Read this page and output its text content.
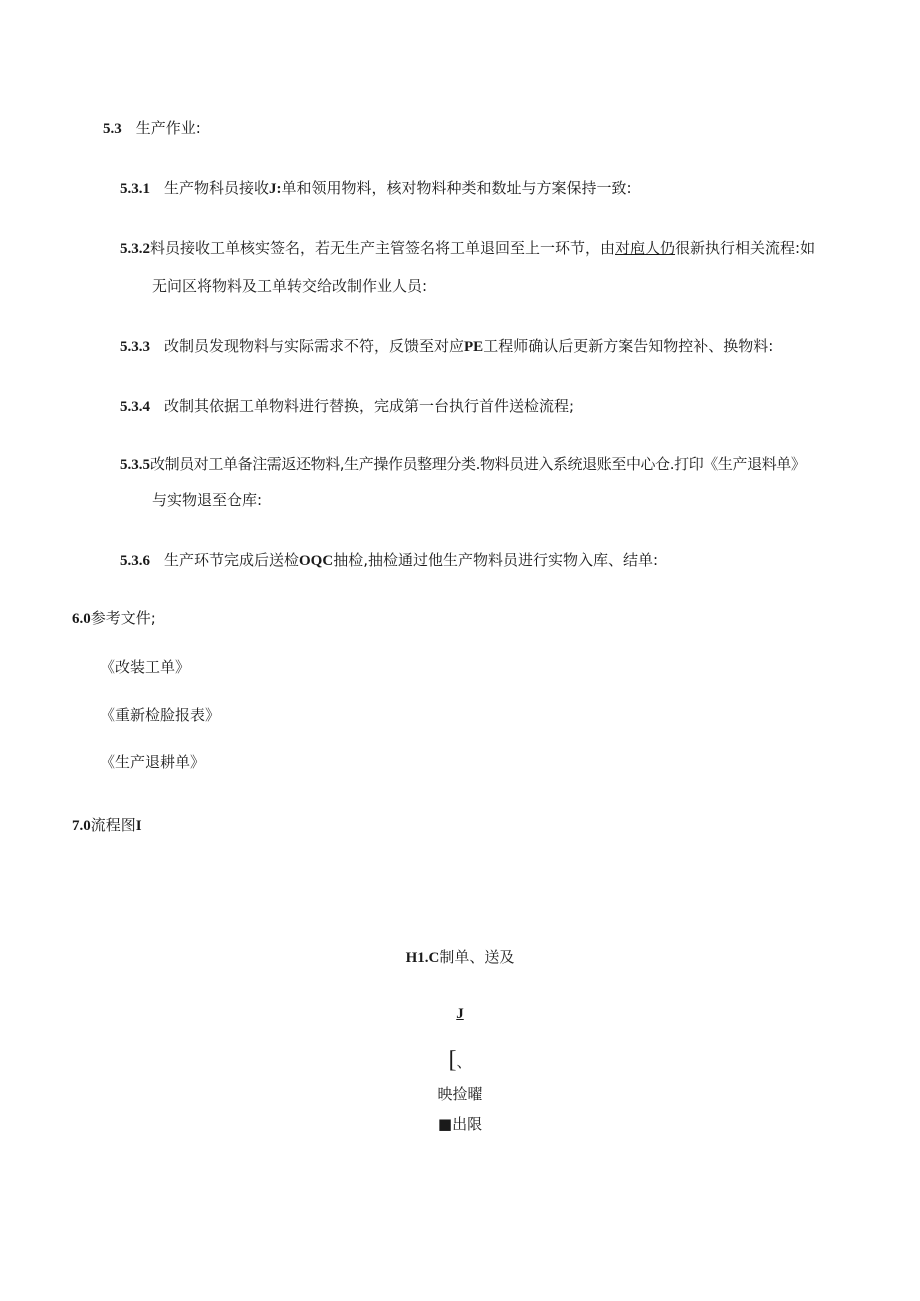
5.3 生产作业:
5.3.1 生产物科员接收J:单和领用物料，核对物料种类和数址与方案保持一致:
5.3.2料员接收工单核实签名，若无生产主管签名将工单退回至上一环节，由对庖人仍很新执行相关流程:如
无问区将物料及工单转交给改制作业人员:
5.3.3 改制员发现物料与实际需求不符，反馈至对应PE工程师确认后更新方案告知物控补、换物料:
5.3.4 改制其依据工单物料进行替换，完成第一台执行首件送检流程;
5.3.5改制员对工单备注需返还物料,生产操作员整理分类.物料员进入系统退账至中心仓.打印《生产退料单》
与实物退至仓库:
5.3.6 生产环节完成后送检OQC抽检,抽检通过他生产物料员进行实物入库、结单:
6.0参考文件;
《改装工单》
《重新检脸报表》
《生产退耕单》
7.0流程图I
H1.C制单、送及
J
[、
映捡曜
■出限
